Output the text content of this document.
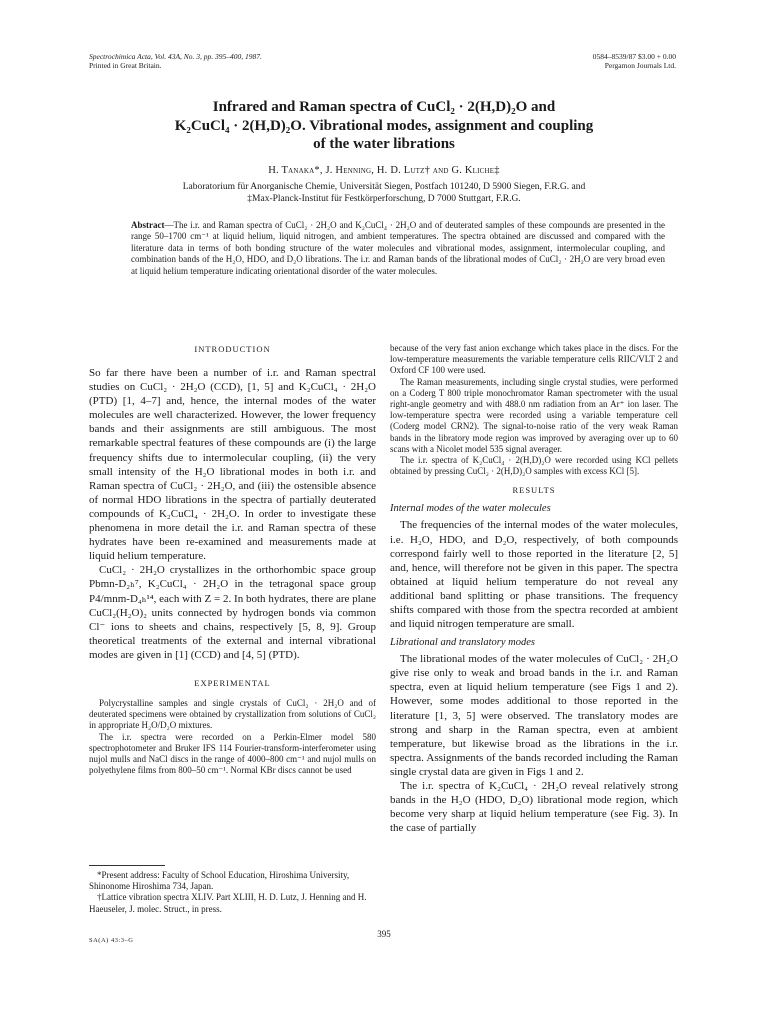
Spectrochimica Acta, Vol. 43A, No. 3, pp. 395–400, 1987.
Printed in Great Britain.
0584–8539/87 $3.00 + 0.00
Pergamon Journals Ltd.
Infrared and Raman spectra of CuCl₂ · 2(H,D)₂O and
K₂CuCl₄ · 2(H,D)₂O. Vibrational modes, assignment and coupling
of the water librations
H. Tanaka*, J. Henning, H. D. Lutz† and G. Kliche‡
Laboratorium für Anorganische Chemie, Universität Siegen, Postfach 101240, D 5900 Siegen, F.R.G. and
‡Max-Planck-Institut für Festkörperforschung, D 7000 Stuttgart, F.R.G.
Abstract—The i.r. and Raman spectra of CuCl₂ · 2H₂O and K₂CuCl₄ · 2H₂O and of deuterated samples of these compounds are presented in the range 50–1700 cm⁻¹ at liquid helium, liquid nitrogen, and ambient temperatures. The spectra obtained are discussed and compared with the literature data in terms of both bonding structure of the water molecules and vibrational modes, assignment, intermolecular coupling, and combination bands of the H₂O, HDO, and D₂O librations. The i.r. and Raman bands of the librational modes of CuCl₂ · 2H₂O are very broad even at liquid helium temperature indicating orientational disorder of the water molecules.
INTRODUCTION

So far there have been a number of i.r. and Raman spectral studies on CuCl₂ · 2H₂O (CCD), [1, 5] and K₂CuCl₄ · 2H₂O (PTD) [1, 4–7] and, hence, the internal modes of the water molecules are well characterized. However, the lower frequency bands and their assignments are still ambiguous. The most remarkable spectral features of these compounds are (i) the large frequency shifts due to intermolecular coupling, (ii) the very small intensity of the H₂O librational modes in both i.r. and Raman spectra of CuCl₂ · 2H₂O, and (iii) the ostensible absence of normal HDO librations in the spectra of partially deuterated compounds of K₂CuCl₄ · 2H₂O. In order to investigate these phenomena in more detail the i.r. and Raman spectra of these hydrates have been re-examined and measurements made at liquid helium temperature.

CuCl₂ · 2H₂O crystallizes in the orthorhombic space group Pbmn-D₂ₕ⁷, K₂CuCl₄ · 2H₂O in the tetragonal space group P4/mnm-D₄ₕ¹⁴, each with Z = 2. In both hydrates, there are plane CuCl₂(H₂O)₂ units connected by hydrogen bonds via common Cl⁻ ions to sheets and chains, respectively [5, 8, 9]. Group theoretical treatments of the external and internal vibrational modes are given in [1] (CCD) and [4, 5] (PTD).

EXPERIMENTAL

Polycrystalline samples and single crystals of CuCl₂ · 2H₂O and of deuterated specimens were obtained by crystallization from solutions of CuCl₂ in appropriate H₂O/D₂O mixtures.

The i.r. spectra were recorded on a Perkin-Elmer model 580 spectrophotometer and Bruker IFS 114 Fourier-transform-interferometer using nujol mulls and NaCl discs in the range of 4000–800 cm⁻¹ and nujol mulls on polyethylene films from 800–50 cm⁻¹. Normal KBr discs cannot be used

because of the very fast anion exchange which takes place in the discs. For the low-temperature measurements the variable temperature cells RIIC/VLT 2 and Oxford CF 100 were used.

The Raman measurements, including single crystal studies, were performed on a Coderg T 800 triple monochromator Raman spectrometer with the usual right-angle geometry and with 488.0 nm radiation from an Ar⁺ ion laser. The low-temperature spectra were recorded using a variable temperature cell (Coderg model CRN2). The signal-to-noise ratio of the very weak Raman bands in the libratory mode region was improved by averaging over up to 60 scans with a Nicolet model 535 signal averager.

The i.r. spectra of K₂CuCl₄ · 2(H,D)₂O were recorded using KCl pellets obtained by pressing CuCl₂ · 2(H,D)₂O samples with excess KCl [5].

RESULTS
Internal modes of the water molecules

The frequencies of the internal modes of the water molecules, i.e. H₂O, HDO, and D₂O, respectively, of both compounds correspond fairly well to those reported in the literature [2, 5] and, hence, will therefore not be given in this paper. The spectra obtained at liquid helium temperature do not reveal any additional band splitting or phase transitions. The frequency shifts compared with those from the spectra recorded at ambient and liquid nitrogen temperature are small.

Librational and translatory modes

The librational modes of the water molecules of CuCl₂ · 2H₂O give rise only to weak and broad bands in the i.r. and Raman spectra, even at liquid helium temperature (see Figs 1 and 2). However, some modes additional to those reported in the literature [1, 3, 5] were observed. The translatory modes are strong and sharp in the Raman spectra, even at ambient temperature, but likewise broad as the librations in the i.r. spectra. Assignments of the bands recorded including the Raman single crystal data are given in Figs 1 and 2.

The i.r. spectra of K₂CuCl₄ · 2H₂O reveal relatively strong bands in the H₂O (HDO, D₂O) librational mode region, which become very sharp at liquid helium temperature (see Fig. 3). In the case of partially

*Present address: Faculty of School Education, Hiroshima University, Shinonome Hiroshima 734, Japan.

†Lattice vibration spectra XLIV. Part XLIII, H. D. Lutz, J. Henning and H. Haeuseler, J. molec. Struct., in press.

395
SA(A) 43:3–G
